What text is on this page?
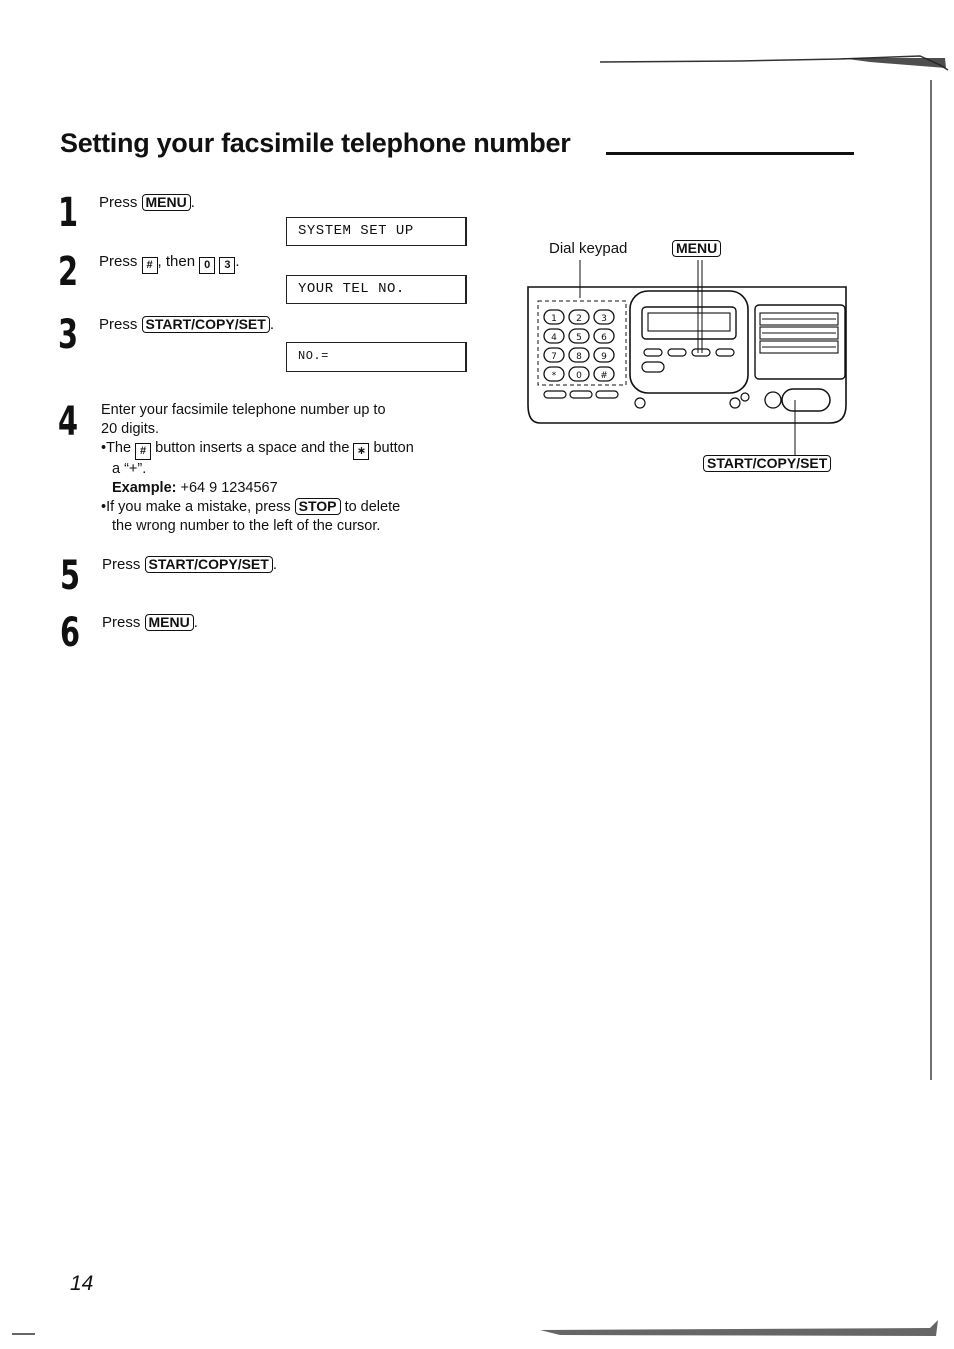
Setting your facsimile telephone number
1 Press MENU .
SYSTEM SET UP
2 Press # , then 0 3 .
YOUR TEL NO.
3 Press START/COPY/SET .
NO.=
4 Enter your facsimile telephone number up to
20 digits.
•The # button inserts a space and the ∗ button
a “+”.
Example: +64 9 1234567
•If you make a mistake, press STOP to delete
the wrong number to the left of the cursor.
5 Press START/COPY/SET .
6 Press MENU .
Dial keypad	MENU
START/COPY/SET
1 2 3
4 5 6
7 8 9
* 0 #
14
